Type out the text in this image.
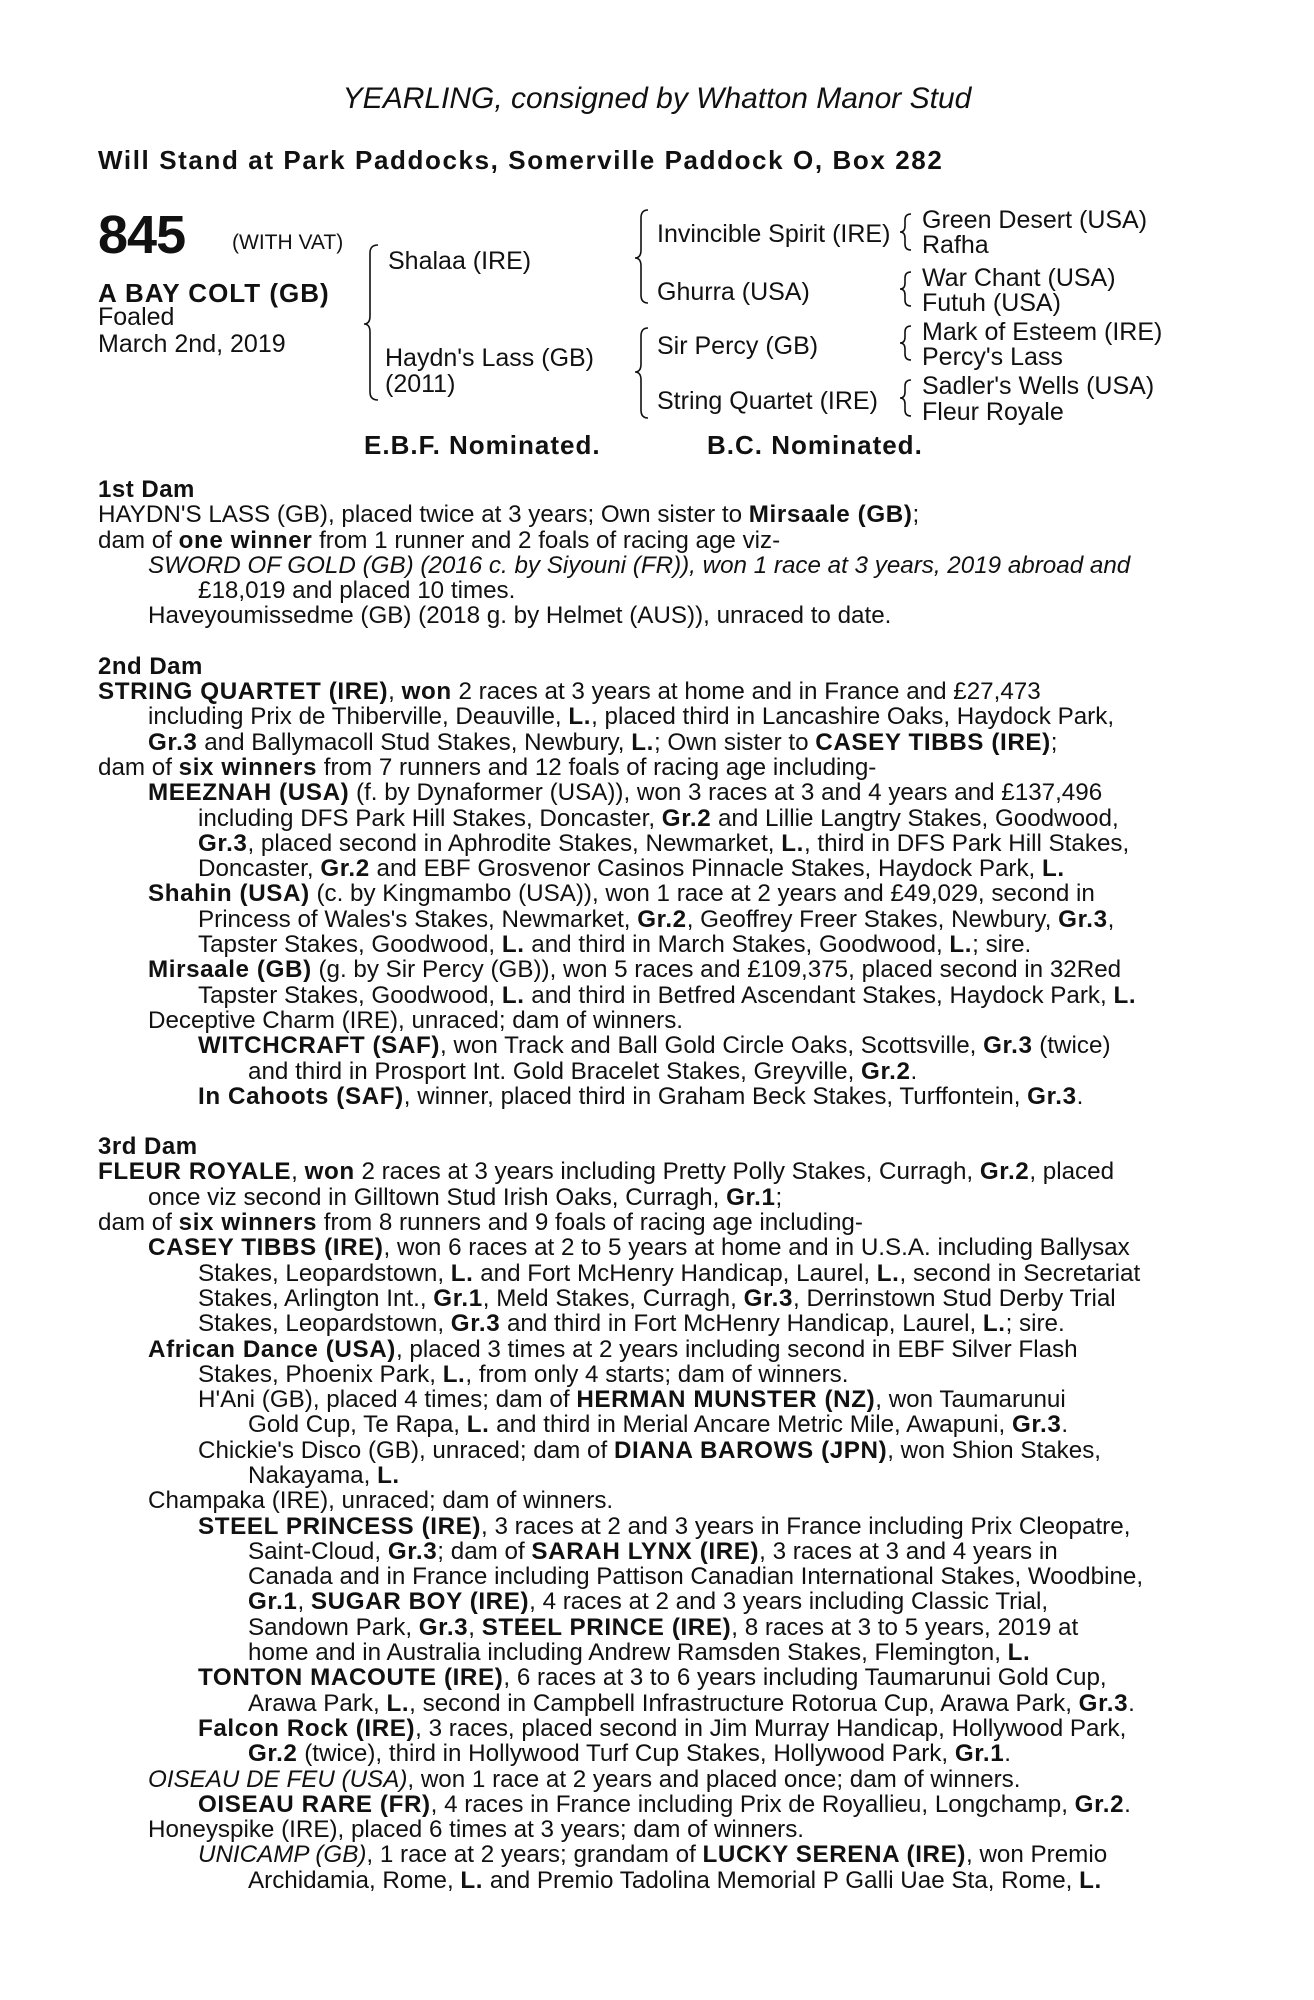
YEARLING, consigned by Whatton Manor Stud
Will Stand at Park Paddocks, Somerville Paddock O, Box 282
845 (WITH VAT)
A BAY COLT (GB)
Foaled
March 2nd, 2019
Shalaa (IRE)
Haydn's Lass (GB)
(2011)
Invincible Spirit (IRE)
Ghurra (USA)
Sir Percy (GB)
String Quartet (IRE)
Green Desert (USA)
Rafha
War Chant (USA)
Futuh (USA)
Mark of Esteem (IRE)
Percy's Lass
Sadler's Wells (USA)
Fleur Royale
E.B.F. Nominated.	B.C. Nominated.
1st Dam
HAYDN'S LASS (GB), placed twice at 3 years; Own sister to Mirsaale (GB);
dam of one winner from 1 runner and 2 foals of racing age viz-
SWORD OF GOLD (GB) (2016 c. by Siyouni (FR)), won 1 race at 3 years, 2019 abroad and
£18,019 and placed 10 times.
Haveyoumissedme (GB) (2018 g. by Helmet (AUS)), unraced to date.
2nd Dam
STRING QUARTET (IRE), won 2 races at 3 years at home and in France and £27,473
including Prix de Thiberville, Deauville, L., placed third in Lancashire Oaks, Haydock Park,
Gr.3 and Ballymacoll Stud Stakes, Newbury, L.; Own sister to CASEY TIBBS (IRE);
dam of six winners from 7 runners and 12 foals of racing age including-
MEEZNAH (USA) (f. by Dynaformer (USA)), won 3 races at 3 and 4 years and £137,496
including DFS Park Hill Stakes, Doncaster, Gr.2 and Lillie Langtry Stakes, Goodwood,
Gr.3, placed second in Aphrodite Stakes, Newmarket, L., third in DFS Park Hill Stakes,
Doncaster, Gr.2 and EBF Grosvenor Casinos Pinnacle Stakes, Haydock Park, L.
Shahin (USA) (c. by Kingmambo (USA)), won 1 race at 2 years and £49,029, second in
Princess of Wales's Stakes, Newmarket, Gr.2, Geoffrey Freer Stakes, Newbury, Gr.3,
Tapster Stakes, Goodwood, L. and third in March Stakes, Goodwood, L.; sire.
Mirsaale (GB) (g. by Sir Percy (GB)), won 5 races and £109,375, placed second in 32Red
Tapster Stakes, Goodwood, L. and third in Betfred Ascendant Stakes, Haydock Park, L.
Deceptive Charm (IRE), unraced; dam of winners.
WITCHCRAFT (SAF), won Track and Ball Gold Circle Oaks, Scottsville, Gr.3 (twice)
and third in Prosport Int. Gold Bracelet Stakes, Greyville, Gr.2.
In Cahoots (SAF), winner, placed third in Graham Beck Stakes, Turffontein, Gr.3.
3rd Dam
FLEUR ROYALE, won 2 races at 3 years including Pretty Polly Stakes, Curragh, Gr.2, placed
once viz second in Gilltown Stud Irish Oaks, Curragh, Gr.1;
dam of six winners from 8 runners and 9 foals of racing age including-
CASEY TIBBS (IRE), won 6 races at 2 to 5 years at home and in U.S.A. including Ballysax
Stakes, Leopardstown, L. and Fort McHenry Handicap, Laurel, L., second in Secretariat
Stakes, Arlington Int., Gr.1, Meld Stakes, Curragh, Gr.3, Derrinstown Stud Derby Trial
Stakes, Leopardstown, Gr.3 and third in Fort McHenry Handicap, Laurel, L.; sire.
African Dance (USA), placed 3 times at 2 years including second in EBF Silver Flash
Stakes, Phoenix Park, L., from only 4 starts; dam of winners.
H'Ani (GB), placed 4 times; dam of HERMAN MUNSTER (NZ), won Taumarunui
Gold Cup, Te Rapa, L. and third in Merial Ancare Metric Mile, Awapuni, Gr.3.
Chickie's Disco (GB), unraced; dam of DIANA BAROWS (JPN), won Shion Stakes,
Nakayama, L.
Champaka (IRE), unraced; dam of winners.
STEEL PRINCESS (IRE), 3 races at 2 and 3 years in France including Prix Cleopatre,
Saint-Cloud, Gr.3; dam of SARAH LYNX (IRE), 3 races at 3 and 4 years in
Canada and in France including Pattison Canadian International Stakes, Woodbine,
Gr.1, SUGAR BOY (IRE), 4 races at 2 and 3 years including Classic Trial,
Sandown Park, Gr.3, STEEL PRINCE (IRE), 8 races at 3 to 5 years, 2019 at
home and in Australia including Andrew Ramsden Stakes, Flemington, L.
TONTON MACOUTE (IRE), 6 races at 3 to 6 years including Taumarunui Gold Cup,
Arawa Park, L., second in Campbell Infrastructure Rotorua Cup, Arawa Park, Gr.3.
Falcon Rock (IRE), 3 races, placed second in Jim Murray Handicap, Hollywood Park,
Gr.2 (twice), third in Hollywood Turf Cup Stakes, Hollywood Park, Gr.1.
OISEAU DE FEU (USA), won 1 race at 2 years and placed once; dam of winners.
OISEAU RARE (FR), 4 races in France including Prix de Royallieu, Longchamp, Gr.2.
Honeyspike (IRE), placed 6 times at 3 years; dam of winners.
UNICAMP (GB), 1 race at 2 years; grandam of LUCKY SERENA (IRE), won Premio
Archidamia, Rome, L. and Premio Tadolina Memorial P Galli Uae Sta, Rome, L.
